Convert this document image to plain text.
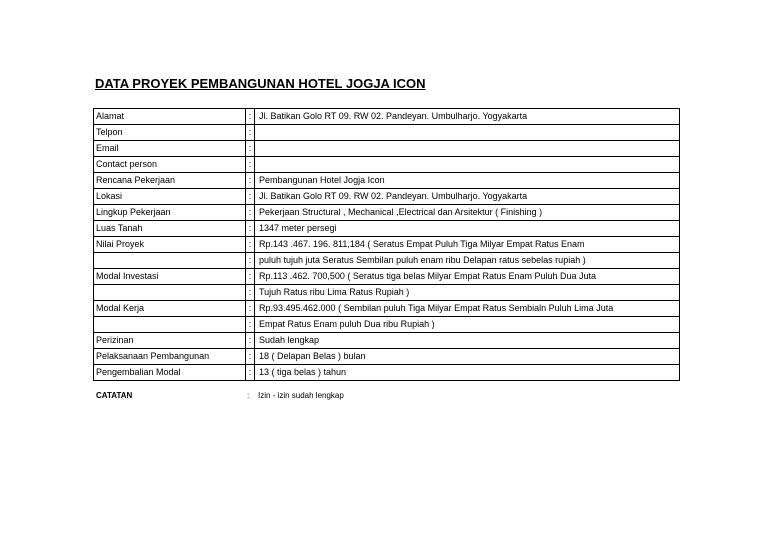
DATA PROYEK PEMBANGUNAN HOTEL JOGJA ICON
Alamat	:	Jl. Batikan Golo RT 09. RW 02. Pandeyan. Umbulharjo. Yogyakarta
Telpon	:	
Email	:	
Contact person	:	
Rencana Pekerjaan	:	Pembangunan Hotel Jogja Icon
Lokasi	:	Jl. Batikan Golo RT 09. RW 02. Pandeyan. Umbulharjo. Yogyakarta
Lingkup Pekerjaan	:	Pekerjaan Structural , Mechanical ,Electrical dan Arsitektur ( Finishing )
Luas Tanah	:	1347 meter persegi
Nilai Proyek	:	Rp.143 .467. 196. 811,184 ( Seratus Empat Puluh Tiga Milyar Empat Ratus Enam
	:	puluh tujuh juta Seratus Sembilan puluh enam ribu Delapan ratus sebelas rupiah )
Modal Investasi	:	Rp.113 .462. 700,500 ( Seratus tiga belas Milyar Empat Ratus Enam Puluh Dua Juta
	:	Tujuh Ratus ribu Lima Ratus Rupiah )
Modal Kerja	:	Rp.93.495.462.000 ( Sembilan puluh Tiga Milyar Empat Ratus Sembialn Puluh Lima Juta
	:	Empat Ratus Enam puluh Dua ribu Rupiah )
Perizinan	:	Sudah lengkap
Pelaksanaan Pembangunan	:	18 ( Delapan Belas ) bulan
Pengembalian Modal	:	13 ( tiga belas ) tahun
CATATAN	: Izin - izin sudah lengkap
